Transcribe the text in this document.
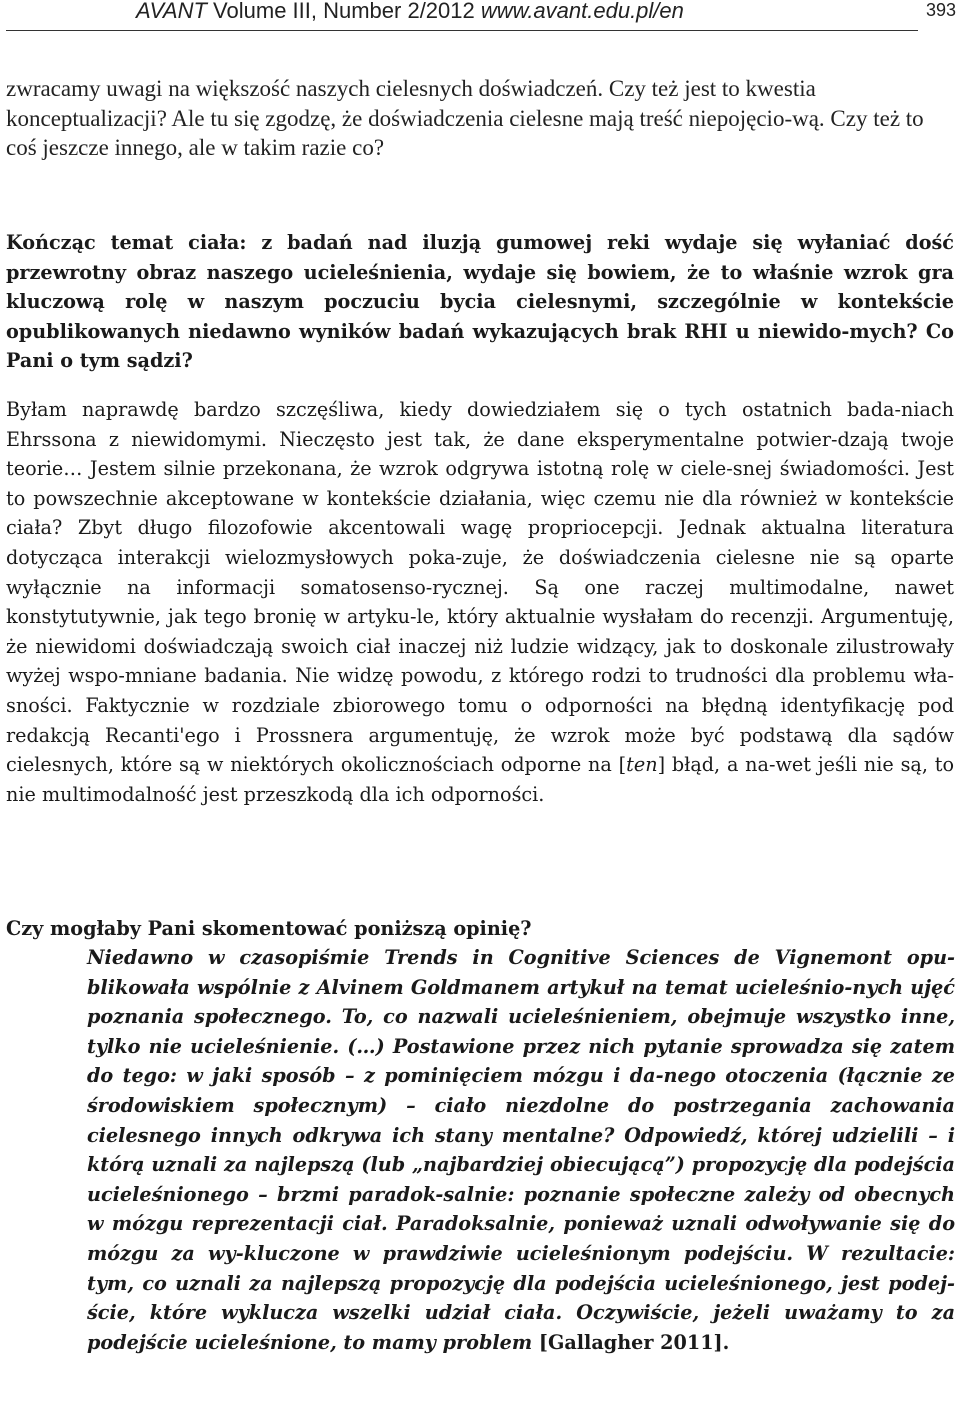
AVANT Volume III, Number 2/2012 www.avant.edu.pl/en	393

zwracamy uwagi na większość naszych cielesnych doświadczeń. Czy też jest to kwestia konceptualizacji? Ale tu się zgodzę, że doświadczenia cielesne mają treść niepojęcio-wą. Czy też to coś jeszcze innego, ale w takim razie co?

Kończąc temat ciała: z badań nad iluzją gumowej reki wydaje się wyłaniać dość przewrotny obraz naszego ucieleśnienia, wydaje się bowiem, że to właśnie wzrok gra kluczową rolę w naszym poczuciu bycia cielesnymi, szczególnie w kontekście opublikowanych niedawno wyników badań wykazujących brak RHI u niewido-mych? Co Pani o tym sądzi?

Byłam naprawdę bardzo szczęśliwa, kiedy dowiedziałem się o tych ostatnich bada-niach Ehrssona z niewidomymi. Nieczęsto jest tak, że dane eksperymentalne potwier-dzają twoje teorie… Jestem silnie przekonana, że wzrok odgrywa istotną rolę w ciele-snej świadomości. Jest to powszechnie akceptowane w kontekście działania, więc czemu nie dla również w kontekście ciała? Zbyt długo filozofowie akcentowali wagę propriocepcji. Jednak aktualna literatura dotycząca interakcji wielozmysłowych poka-zuje, że doświadczenia cielesne nie są oparte wyłącznie na informacji somatosenso-rycznej. Są one raczej multimodalne, nawet konstytutywnie, jak tego bronię w artyku-le, który aktualnie wysłałam do recenzji. Argumentuję, że niewidomi doświadczają swoich ciał inaczej niż ludzie widzący, jak to doskonale zilustrowały wyżej wspo-mniane badania. Nie widzę powodu, z którego rodzi to trudności dla problemu wła-sności. Faktycznie w rozdziale zbiorowego tomu o odporności na błędną identyfikację pod redakcją Recanti'ego i Prossnera argumentuję, że wzrok może być podstawą dla sądów cielesnych, które są w niektórych okolicznościach odporne na [ten] błąd, a na-wet jeśli nie są, to nie multimodalność jest przeszkodą dla ich odporności.

Czy mogłaby Pani skomentować poniższą opinię?

Niedawno w czasopiśmie Trends in Cognitive Sciences de Vignemont opu-blikowała wspólnie z Alvinem Goldmanem artykuł na temat ucieleśnio-nych ujęć poznania społecznego. To, co nazwali ucieleśnieniem, obejmuje wszystko inne, tylko nie ucieleśnienie. (…) Postawione przez nich pytanie sprowadza się zatem do tego: w jaki sposób – z pominięciem mózgu i da-nego otoczenia (łącznie ze środowiskiem społecznym) – ciało niezdolne do postrzegania zachowania cielesnego innych odkrywa ich stany mentalne? Odpowiedź, której udzielili – i którą uznali za najlepszą (lub „najbardziej obiecującą”) propozycję dla podejścia ucieleśnionego – brzmi paradok-salnie: poznanie społeczne zależy od obecnych w mózgu reprezentacji ciał. Paradoksalnie, ponieważ uznali odwoływanie się do mózgu za wy-kluczone w prawdziwie ucieleśnionym podejściu. W rezultacie: tym, co uznali za najlepszą propozycję dla podejścia ucieleśnionego, jest podej-ście, które wyklucza wszelki udział ciała. Oczywiście, jeżeli uważamy to za podejście ucieleśnione, to mamy problem [Gallagher 2011].
